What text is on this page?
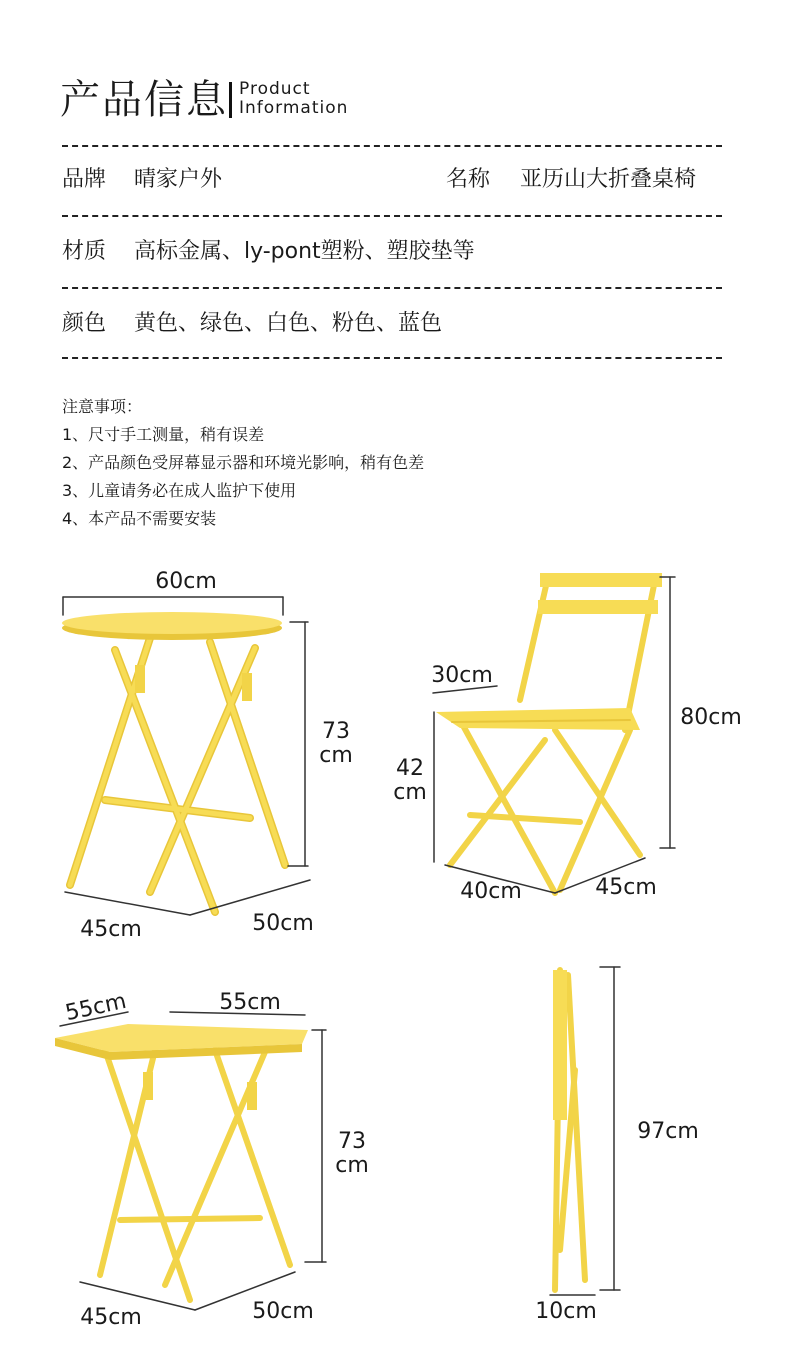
产品信息 Product
Information
品牌 晴家户外	名称 亚历山大折叠桌椅
材质 高标金属、ly-pont塑粉、塑胶垫等
颜色 黄色、绿色、白色、粉色、蓝色
注意事项：
1、尺寸手工测量，稍有误差
2、产品颜色受屏幕显示器和环境光影响，稍有色差
3、儿童请务必在成人监护下使用
4、本产品不需要安装
60cm
73
cm
45cm	50cm
30cm
42
cm
80cm
40cm	45cm
55cm	55cm
73
cm
45cm	50cm
97cm
10cm
